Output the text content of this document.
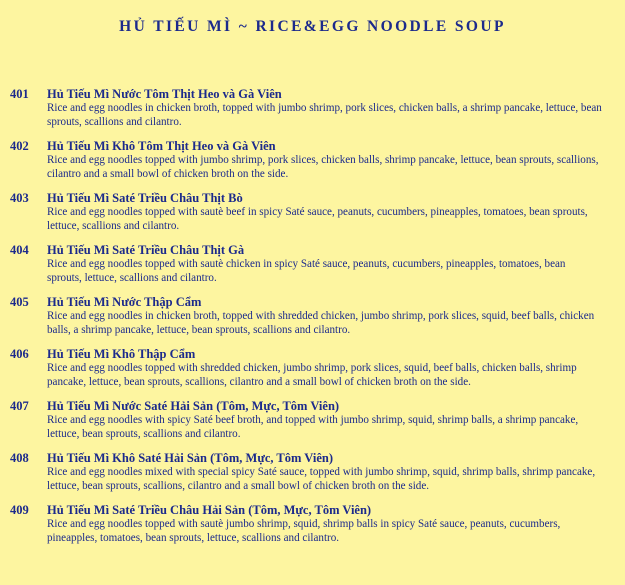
HỦ TIẾU MÌ ~ RICE&EGG NOODLE SOUP
401 Hủ Tiếu Mì Nước Tôm Thịt Heo và Gà Viên
Rice and egg noodles in chicken broth, topped with jumbo shrimp, pork slices, chicken balls, a shrimp pancake, lettuce, bean sprouts, scallions and cilantro.
402 Hủ Tiếu Mì Khô Tôm Thịt Heo và Gà Viên
Rice and egg noodles topped with jumbo shrimp, pork slices, chicken balls, shrimp pancake, lettuce, bean sprouts, scallions, cilantro and a small bowl of chicken broth on the side.
403 Hủ Tiếu Mì Saté Triều Châu Thịt Bò
Rice and egg noodles topped with sautè beef in spicy Saté sauce, peanuts, cucumbers, pineapples, tomatoes, bean sprouts, lettuce, scallions and cilantro.
404 Hủ Tiếu Mì Saté Triều Châu Thịt Gà
Rice and egg noodles topped with sautè chicken in spicy Saté sauce, peanuts, cucumbers, pineapples, tomatoes, bean sprouts, lettuce, scallions and cilantro.
405 Hủ Tiếu Mì Nước Thập Cẩm
Rice and egg noodles in chicken broth, topped with shredded chicken, jumbo shrimp, pork slices, squid, beef balls, chicken balls, a shrimp pancake, lettuce, bean sprouts, scallions and cilantro.
406 Hủ Tiếu Mì Khô Thập Cẩm
Rice and egg noodles topped with shredded chicken, jumbo shrimp, pork slices, squid, beef balls, chicken balls, shrimp pancake, lettuce, bean sprouts, scallions, cilantro and a small bowl of chicken broth on the side.
407 Hủ Tiếu Mì Nước Saté Hải Sản (Tôm, Mực, Tôm Viên)
Rice and egg noodles with spicy Saté beef broth, and topped with jumbo shrimp, squid, shrimp balls, a shrimp pancake, lettuce, bean sprouts, scallions and cilantro.
408 Hủ Tiếu Mì Khô Saté Hải Sản (Tôm, Mực, Tôm Viên)
Rice and egg noodles mixed with special spicy Saté sauce, topped with jumbo shrimp, squid, shrimp balls, shrimp pancake, lettuce, bean sprouts, scallions, cilantro and a small bowl of chicken broth on the side.
409 Hủ Tiếu Mì Saté Triều Châu Hải Sản (Tôm, Mực, Tôm Viên)
Rice and egg noodles topped with sautè jumbo shrimp, squid, shrimp balls in spicy Saté sauce, peanuts, cucumbers, pineapples, tomatoes, bean sprouts, lettuce, scallions and cilantro.
